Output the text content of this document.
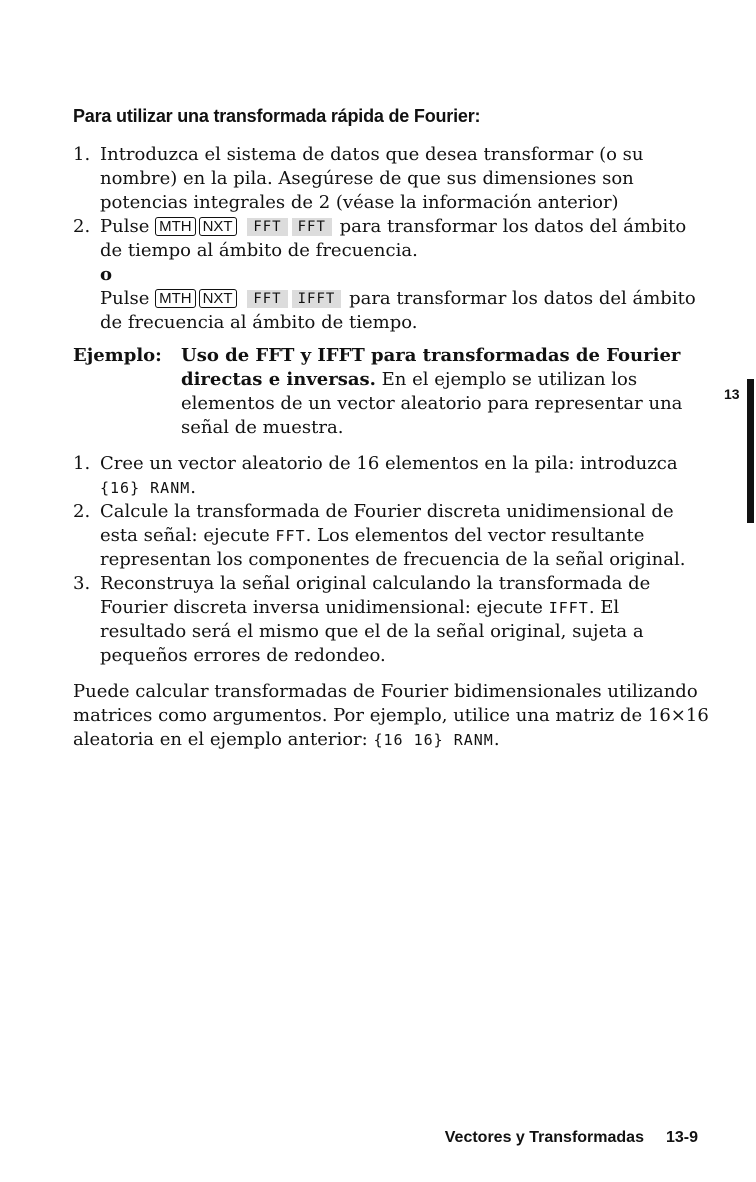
Para utilizar una transformada rápida de Fourier:
1. Introduzca el sistema de datos que desea transformar (o su nombre) en la pila. Asegúrese de que sus dimensiones son potencias integrales de 2 (véase la información anterior)
2. Pulse MTH NXT FFT FFT para transformar los datos del ámbito de tiempo al ámbito de frecuencia.
o
Pulse MTH NXT FFT IFFT para transformar los datos del ámbito de frecuencia al ámbito de tiempo.
Ejemplo: Uso de FFT y IFFT para transformadas de Fourier directas e inversas. En el ejemplo se utilizan los elementos de un vector aleatorio para representar una señal de muestra.
1. Cree un vector aleatorio de 16 elementos en la pila: introduzca
{16} RANM.
2. Calcule la transformada de Fourier discreta unidimensional de esta señal: ejecute FFT. Los elementos del vector resultante representan los componentes de frecuencia de la señal original.
3. Reconstruya la señal original calculando la transformada de Fourier discreta inversa unidimensional: ejecute IFFT. El resultado será el mismo que el de la señal original, sujeta a pequeños errores de redondeo.
Puede calcular transformadas de Fourier bidimensionales utilizando matrices como argumentos. Por ejemplo, utilice una matriz de 16×16 aleatoria en el ejemplo anterior: {16 16} RANM.
13
Vectores y Transformadas 13-9
